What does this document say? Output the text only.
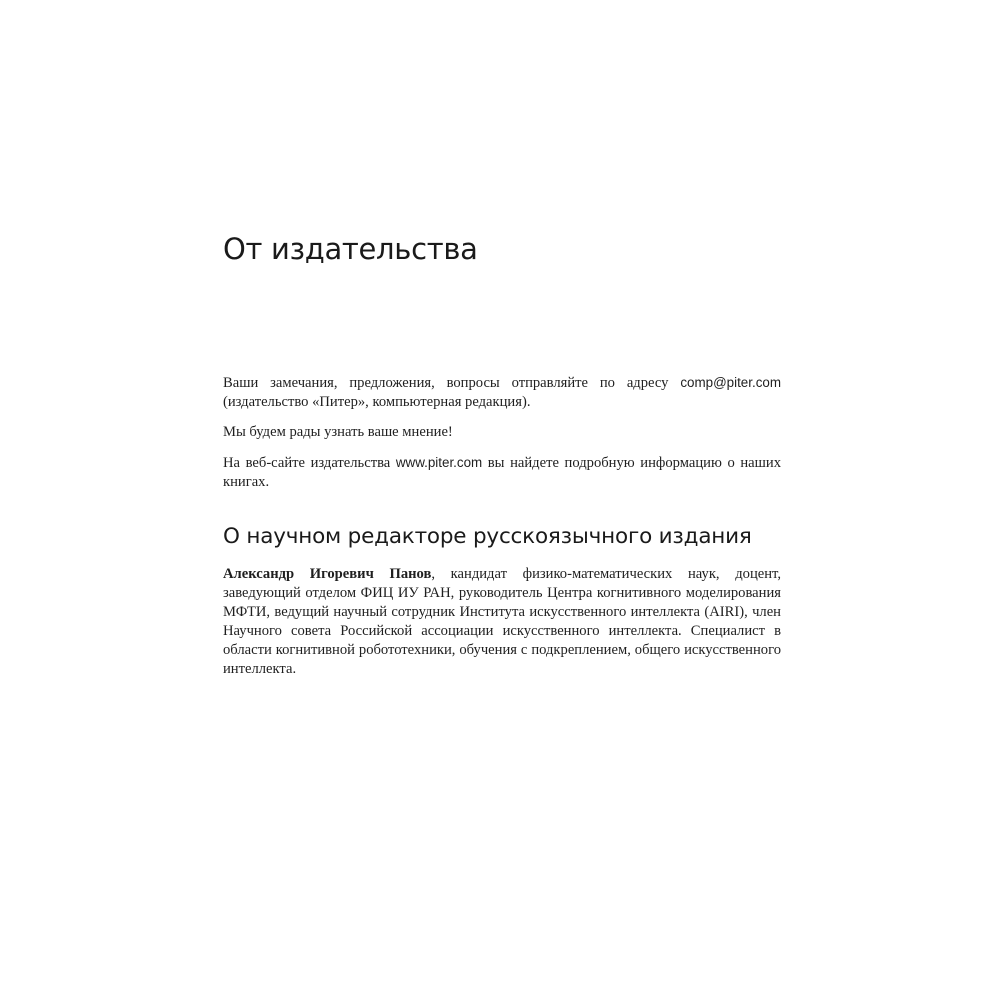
От издательства

Ваши замечания, предложения, вопросы отправляйте по адресу comp@piter.com (издательство «Питер», компьютерная редакция).

Мы будем рады узнать ваше мнение!

На веб-сайте издательства www.piter.com вы найдете подробную информацию о наших книгах.

О научном редакторе русскоязычного издания

Александр Игоревич Панов, кандидат физико-математических наук, доцент, заведующий отделом ФИЦ ИУ РАН, руководитель Центра когнитивного моделирования МФТИ, ведущий научный сотрудник Института искусственного интеллекта (AIRI), член Научного совета Российской ассоциации искусственного интеллекта. Специалист в области когнитивной робототехники, обучения с подкреплением, общего искусственного интеллекта.
